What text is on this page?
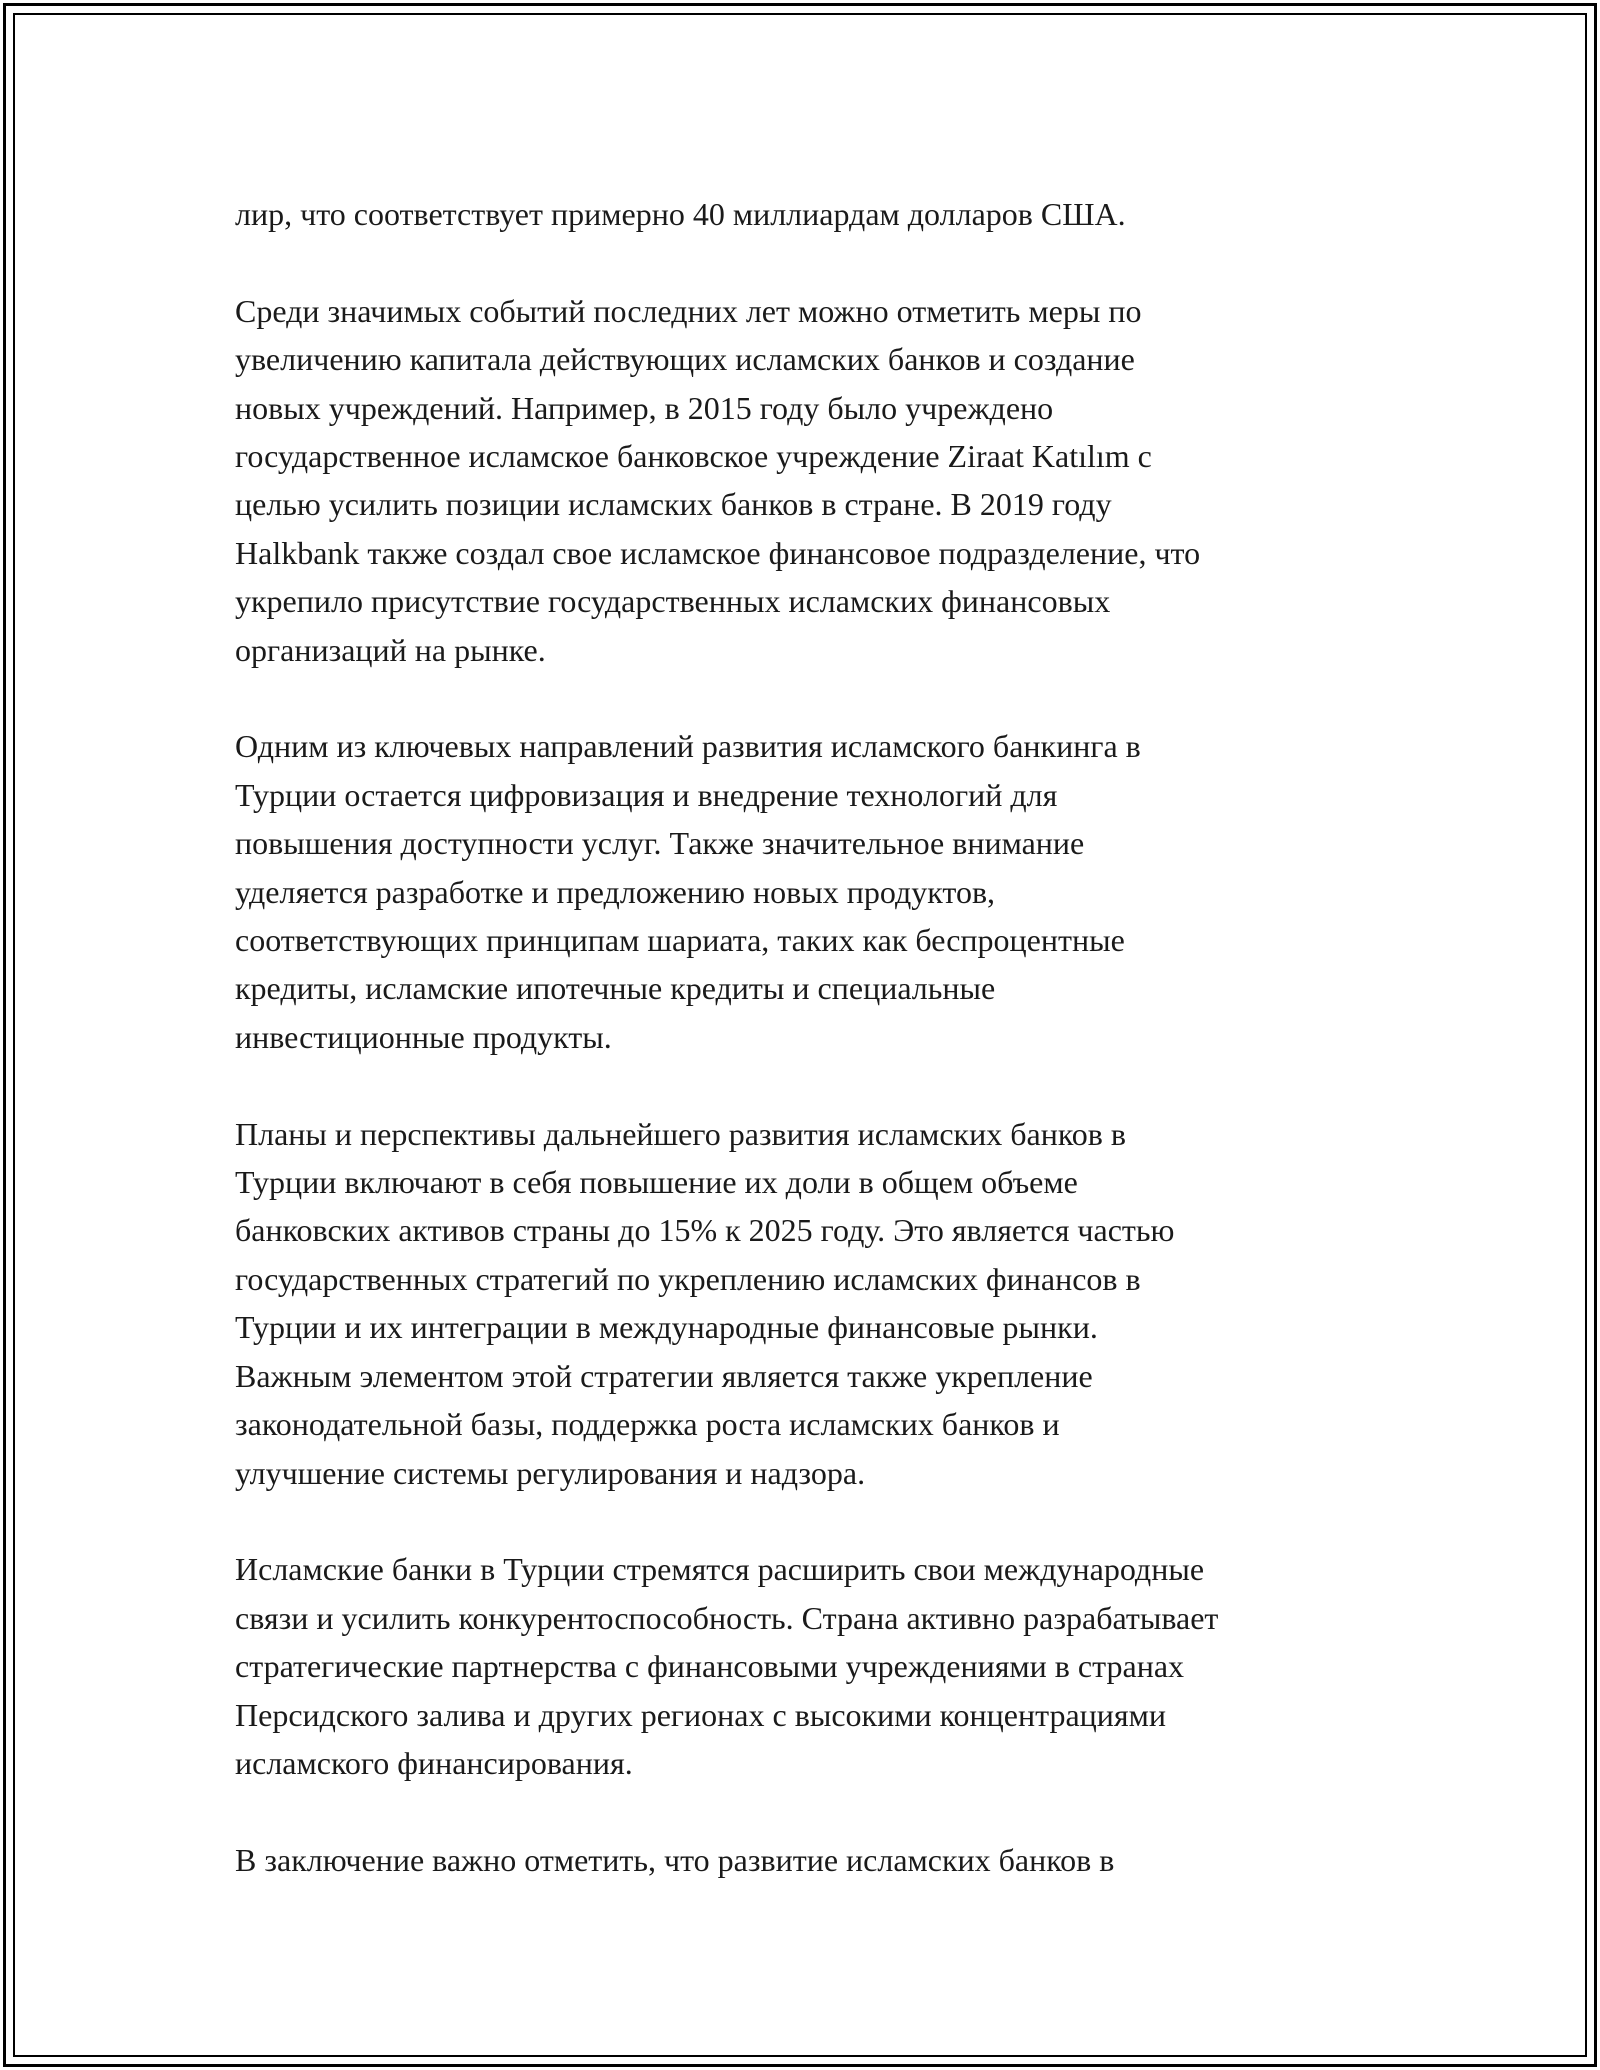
лир, что соответствует примерно 40 миллиардам долларов США.

Среди значимых событий последних лет можно отметить меры по
увеличению капитала действующих исламских банков и создание
новых учреждений. Например, в 2015 году было учреждено
государственное исламское банковское учреждение Ziraat Katılım с
целью усилить позиции исламских банков в стране. В 2019 году
Halkbank также создал свое исламское финансовое подразделение, что
укрепило присутствие государственных исламских финансовых
организаций на рынке.

Одним из ключевых направлений развития исламского банкинга в
Турции остается цифровизация и внедрение технологий для
повышения доступности услуг. Также значительное внимание
уделяется разработке и предложению новых продуктов,
соответствующих принципам шариата, таких как беспроцентные
кредиты, исламские ипотечные кредиты и специальные
инвестиционные продукты.

Планы и перспективы дальнейшего развития исламских банков в
Турции включают в себя повышение их доли в общем объеме
банковских активов страны до 15% к 2025 году. Это является частью
государственных стратегий по укреплению исламских финансов в
Турции и их интеграции в международные финансовые рынки.
Важным элементом этой стратегии является также укрепление
законодательной базы, поддержка роста исламских банков и
улучшение системы регулирования и надзора.

Исламские банки в Турции стремятся расширить свои международные
связи и усилить конкурентоспособность. Страна активно разрабатывает
стратегические партнерства с финансовыми учреждениями в странах
Персидского залива и других регионах с высокими концентрациями
исламского финансирования.

В заключение важно отметить, что развитие исламских банков в
